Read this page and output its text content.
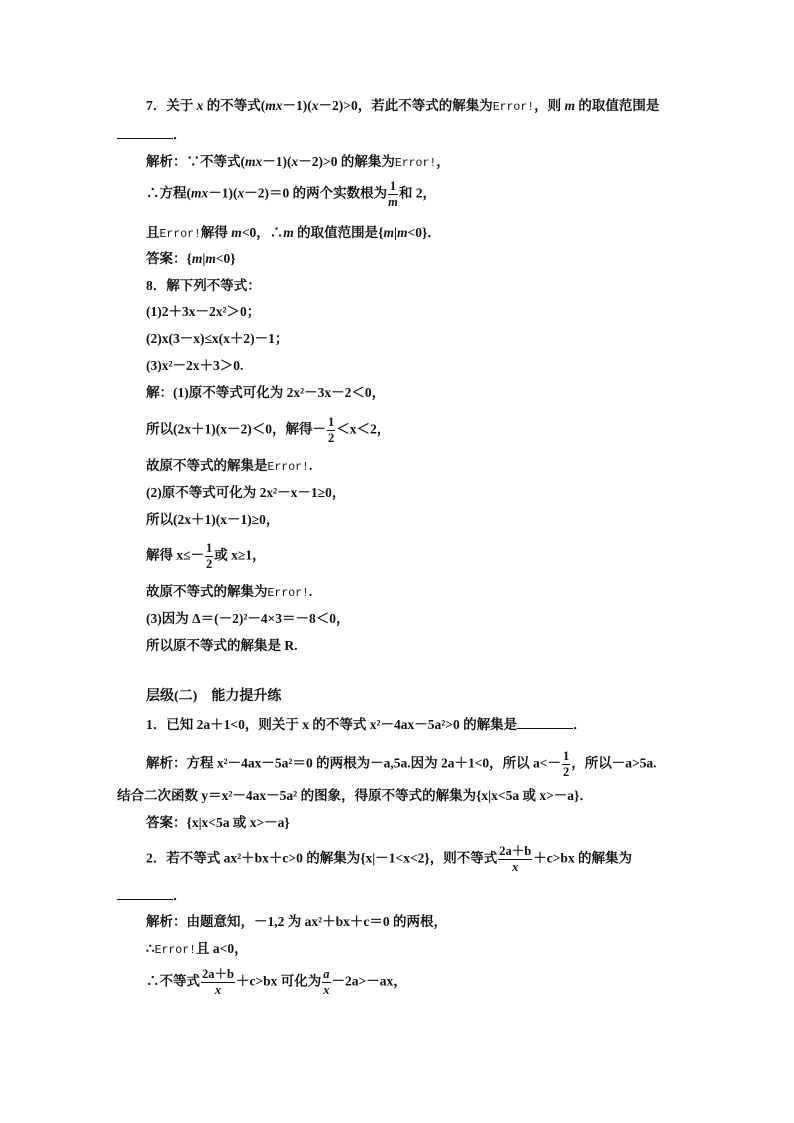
7．关于 x 的不等式(mx－1)(x－2)>0，若此不等式的解集为Error!，则 m 的取值范围是
．
解析：∵不等式(mx－1)(x－2)>0 的解集为Error!，
∴方程(mx－1)(x－2)＝0 的两个实数根为 $\frac{1}{m}$ 和 2，
且Error!解得 m<0，∴m 的取值范围是{m|m<0}．
答案：{m|m<0}
8．解下列不等式：
(1)2＋3x－2x²＞0；
(2)x(3－x)≤x(x＋2)－1；
(3)x²－2x＋3＞0.
解：(1)原不等式可化为 2x²－3x－2＜0，
所以(2x＋1)(x－2)＜0，解得－ $\frac{1}{2} <x<2$，
故原不等式的解集是Error!.
(2)原不等式可化为 2x²－x－1≥0，
所以(2x＋1)(x－1)≥0，
解得 $x\le- \frac{1}{2}$ 或 x≥1，
故原不等式的解集为Error!.
(3)因为 Δ＝(－2)²－4×3＝－8＜0，
所以原不等式的解集是 R.
层级(二)　能力提升练
1．已知 2a＋1<0，则关于 x 的不等式 x²－4ax－5a²>0 的解集是	．
解析：方程 x²－4ax－5a²＝0 的两根为－a,5a.因为 2a＋1<0，所以 $a<- \frac{1}{2}$ ，所以－a>5a.
结合二次函数 y＝x²－4ax－5a² 的图象，得原不等式的解集为{x|x<5a 或 x>－a}．
答案：{x|x<5a 或 x>－a}
2．若不等式 ax²＋bx＋c>0 的解集为{x|－1<x<2}，则不等式 $\frac{2a+b}{x} +c>bx$ 的解集为
．
解析：由题意知，－1,2 为 ax²＋bx＋c＝0 的两根，
∴Error!且 a<0，
∴不等式 $\frac{2a+b}{x} +c>bx$ 可化为 $\frac{a}{x} -2a>-ax$，
